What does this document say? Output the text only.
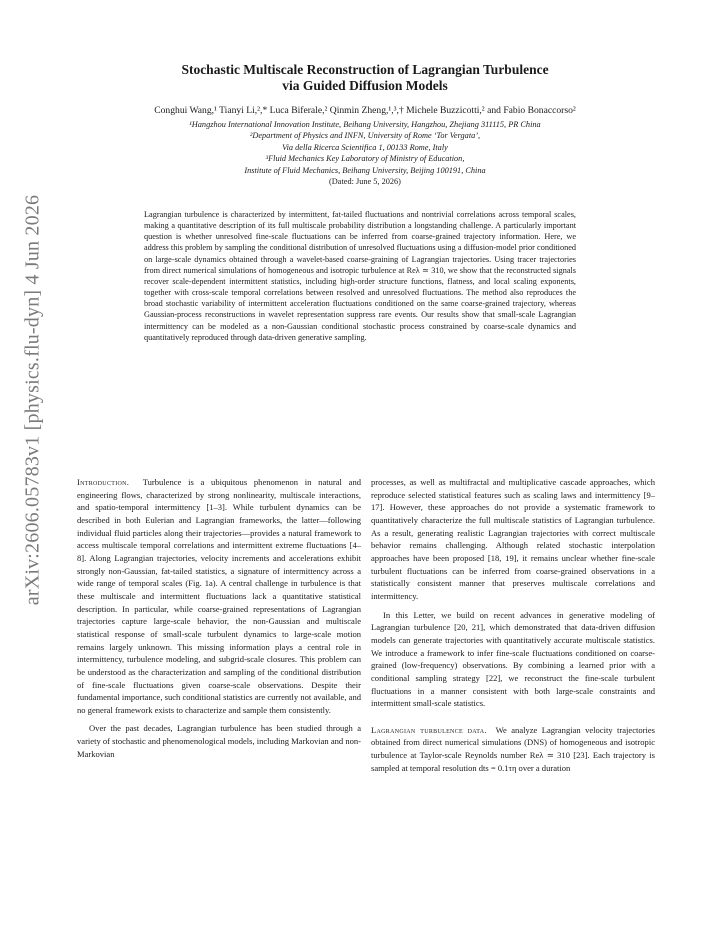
arXiv:2606.05783v1 [physics.flu-dyn] 4 Jun 2026

Stochastic Multiscale Reconstruction of Lagrangian Turbulence
via Guided Diffusion Models

Conghui Wang,¹ Tianyi Li,²,* Luca Biferale,² Qinmin Zheng,¹,³,† Michele Buzzicotti,² and Fabio Bonaccorso²
¹Hangzhou International Innovation Institute, Beihang University, Hangzhou, Zhejiang 311115, PR China
²Department of Physics and INFN, University of Rome ‘Tor Vergata’,
Via della Ricerca Scientifica 1, 00133 Rome, Italy
³Fluid Mechanics Key Laboratory of Ministry of Education,
Institute of Fluid Mechanics, Beihang University, Beijing 100191, China
(Dated: June 5, 2026)
Lagrangian turbulence is characterized by intermittent, fat-tailed fluctuations and nontrivial correlations across temporal scales, making a quantitative description of its full multiscale probability distribution a longstanding challenge. A particularly important question is whether unresolved fine-scale fluctuations can be inferred from coarse-grained trajectory information. Here, we address this problem by sampling the conditional distribution of unresolved fluctuations using a diffusion-model prior conditioned on large-scale dynamics obtained through a wavelet-based coarse-graining of Lagrangian trajectories. Using tracer trajectories from direct numerical simulations of homogeneous and isotropic turbulence at Reλ ≃ 310, we show that the reconstructed signals recover scale-dependent intermittent statistics, including high-order structure functions, flatness, and local scaling exponents, together with cross-scale temporal correlations between resolved and unresolved fluctuations. The method also reproduces the broad stochastic variability of intermittent acceleration fluctuations conditioned on the same coarse-grained trajectory, whereas Gaussian-process reconstructions in wavelet representation suppress rare events. Our results show that small-scale Lagrangian intermittency can be modeled as a non-Gaussian conditional stochastic process constrained by coarse-scale dynamics and quantitatively reproduced through data-driven generative sampling.

Introduction. Turbulence is a ubiquitous phenomenon in natural and engineering flows, characterized by strong nonlinearity, multiscale interactions, and spatio-temporal intermittency [1–3]. While turbulent dynamics can be described in both Eulerian and Lagrangian frameworks, the latter—following individual fluid particles along their trajectories—provides a natural framework to access multiscale temporal correlations and intermittent extreme fluctuations [4–8]. Along Lagrangian trajectories, velocity increments and accelerations exhibit strongly non-Gaussian, fat-tailed statistics, a signature of intermittency across a wide range of temporal scales (Fig. 1a). A central challenge in turbulence is that these multiscale and intermittent fluctuations lack a quantitative statistical description. In particular, while coarse-grained representations of Lagrangian trajectories capture large-scale behavior, the non-Gaussian and multiscale statistical response of small-scale turbulent dynamics to large-scale motion remains largely unknown. This missing information plays a central role in intermittency, turbulence modeling, and subgrid-scale closures. This problem can be understood as the characterization and sampling of the conditional distribution of fine-scale fluctuations given coarse-scale observations. Despite their fundamental importance, such conditional statistics are currently not available, and no general framework exists to characterize and sample them consistently.

Over the past decades, Lagrangian turbulence has been studied through a variety of stochastic and phenomenological models, including Markovian and non-Markovian

processes, as well as multifractal and multiplicative cascade approaches, which reproduce selected statistical features such as scaling laws and intermittency [9–17]. However, these approaches do not provide a systematic framework to quantitatively characterize the full multiscale statistics of Lagrangian turbulence. As a result, generating realistic Lagrangian trajectories with correct multiscale behavior remains challenging. Although related stochastic interpolation approaches have been proposed [18, 19], it remains unclear whether fine-scale turbulent fluctuations can be inferred from coarse-grained observations in a statistically consistent manner that preserves multiscale correlations and intermittency.

In this Letter, we build on recent advances in generative modeling of Lagrangian turbulence [20, 21], which demonstrated that data-driven diffusion models can generate trajectories with quantitatively accurate multiscale statistics. We introduce a framework to infer fine-scale fluctuations conditioned on coarse-grained (low-frequency) observations. By combining a learned prior with a conditional sampling strategy [22], we reconstruct the fine-scale turbulent fluctuations in a manner consistent with both large-scale constraints and intermittent small-scale statistics.

Lagrangian turbulence data. We analyze Lagrangian velocity trajectories obtained from direct numerical simulations (DNS) of homogeneous and isotropic turbulence at Taylor-scale Reynolds number Reλ ≃ 310 [23]. Each trajectory is sampled at temporal resolution dts = 0.1τη over a duration
